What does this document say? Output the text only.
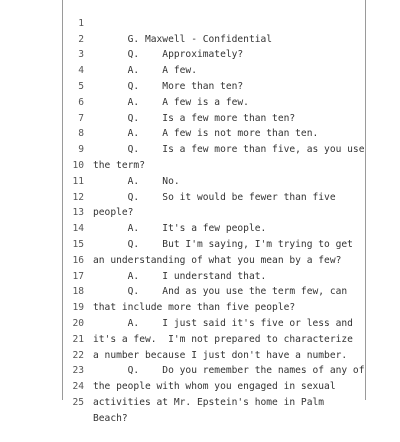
1

G. Maxwell - Confidential

2

Q.    Approximately?

3

A.    A few.

4

Q.    More than ten?

5

A.    A few is a few.

6

Q.    Is a few more than ten?

7

A.    A few is not more than ten.

8

Q.    Is a few more than five, as you use

9

the term?

10

A.    No.

11

Q.    So it would be fewer than five

12

people?

13

A.    It's a few people.

14

Q.    But I'm saying, I'm trying to get

15

an understanding of what you mean by a few?

16

A.    I understand that.

17

Q.    And as you use the term few, can

18

that include more than five people?

19

A.    I just said it's five or less and

20

it's a few.  I'm not prepared to characterize

21

a number because I just don't have a number.

22

Q.    Do you remember the names of any of

23

the people with whom you engaged in sexual

24

activities at Mr. Epstein's home in Palm

25

Beach?
